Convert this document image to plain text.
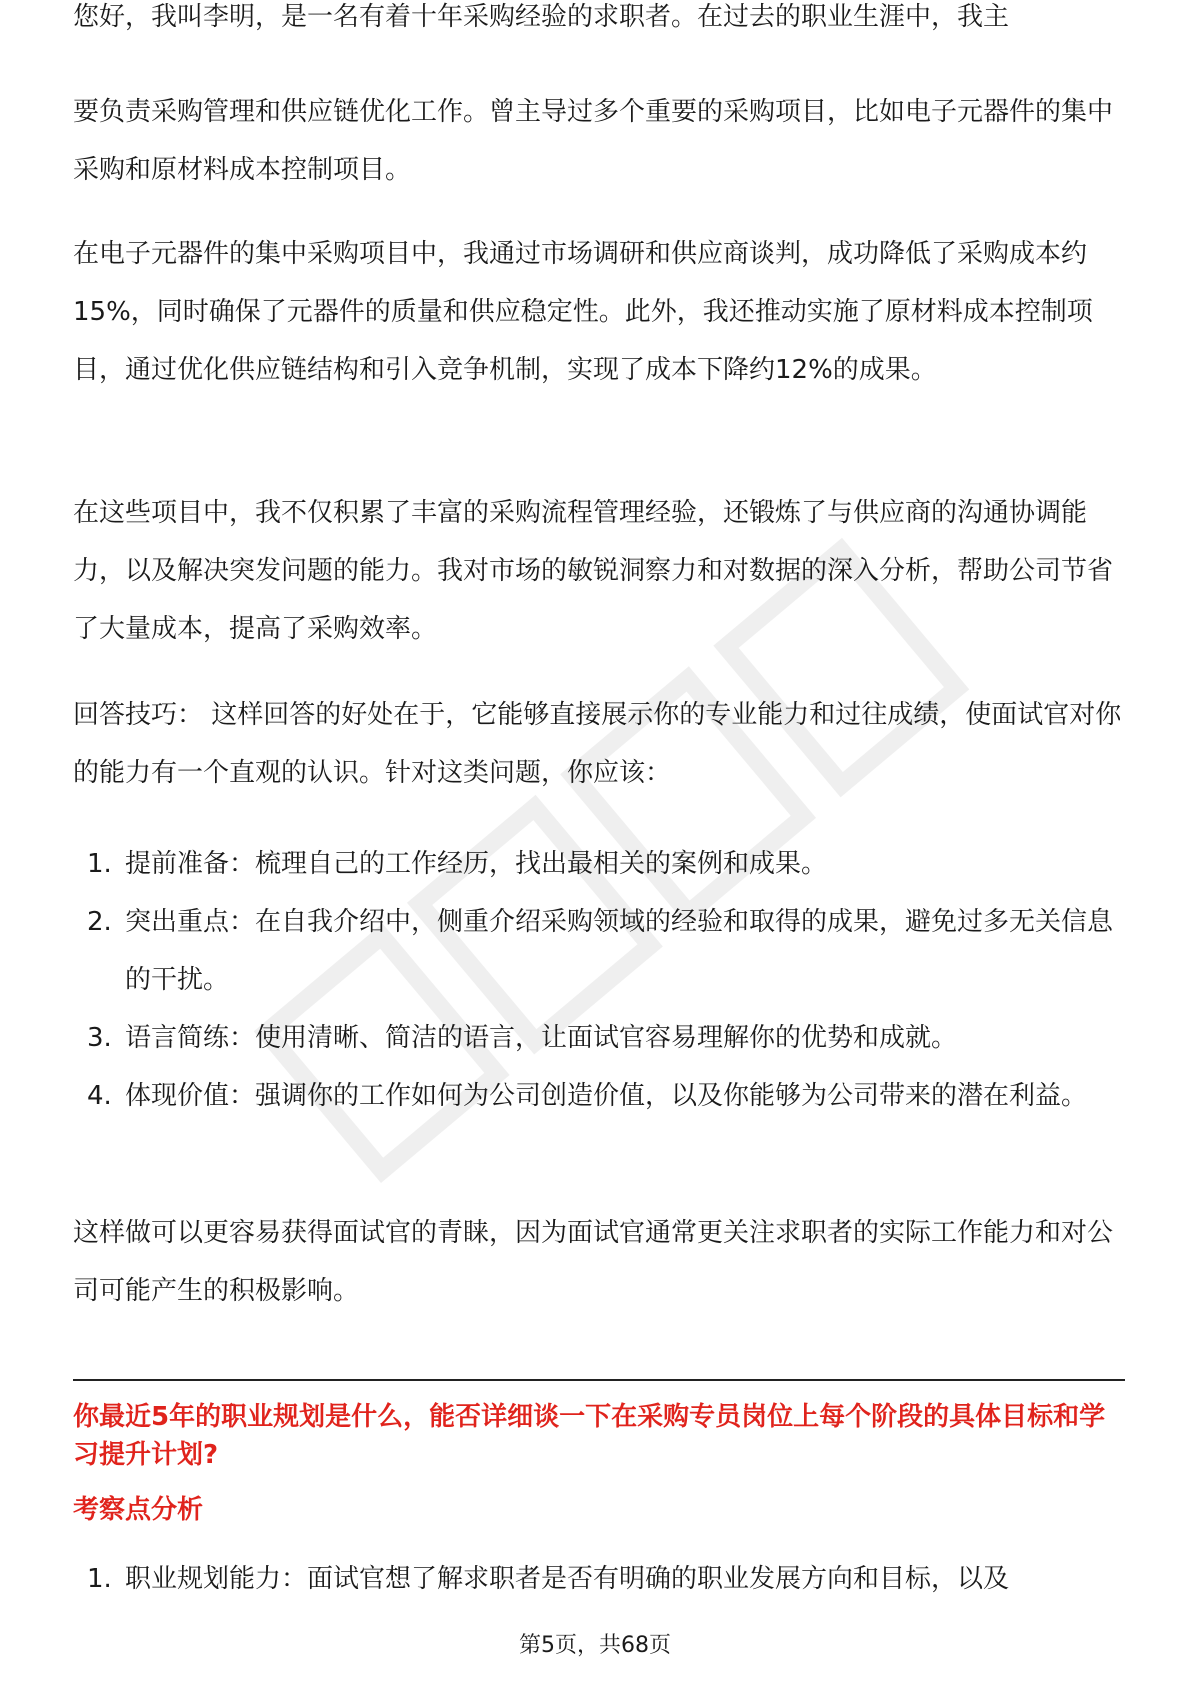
您好，我叫李明，是一名有着十年采购经验的求职者。在过去的职业生涯中，我主

要负责采购管理和供应链优化工作。曾主导过多个重要的采购项目，比如电子元器件的集中采购和原材料成本控制项目。

在电子元器件的集中采购项目中，我通过市场调研和供应商谈判，成功降低了采购成本约15%，同时确保了元器件的质量和供应稳定性。此外，我还推动实施了原材料成本控制项目，通过优化供应链结构和引入竞争机制，实现了成本下降约12%的成果。

在这些项目中，我不仅积累了丰富的采购流程管理经验，还锻炼了与供应商的沟通协调能力，以及解决突发问题的能力。我对市场的敏锐洞察力和对数据的深入分析，帮助公司节省了大量成本，提高了采购效率。

回答技巧： 这样回答的好处在于，它能够直接展示你的专业能力和过往成绩，使面试官对你的能力有一个直观的认识。针对这类问题，你应该：

1. 提前准备：梳理自己的工作经历，找出最相关的案例和成果。
2. 突出重点：在自我介绍中，侧重介绍采购领域的经验和取得的成果，避免过多无关信息的干扰。
3. 语言简练：使用清晰、简洁的语言，让面试官容易理解你的优势和成就。
4. 体现价值：强调你的工作如何为公司创造价值，以及你能够为公司带来的潜在利益。

这样做可以更容易获得面试官的青睐，因为面试官通常更关注求职者的实际工作能力和对公司可能产生的积极影响。

你最近5年的职业规划是什么，能否详细谈一下在采购专员岗位上每个阶段的具体目标和学习提升计划?

考察点分析

1. 职业规划能力：面试官想了解求职者是否有明确的职业发展方向和目标，以及
第5页，共68页
